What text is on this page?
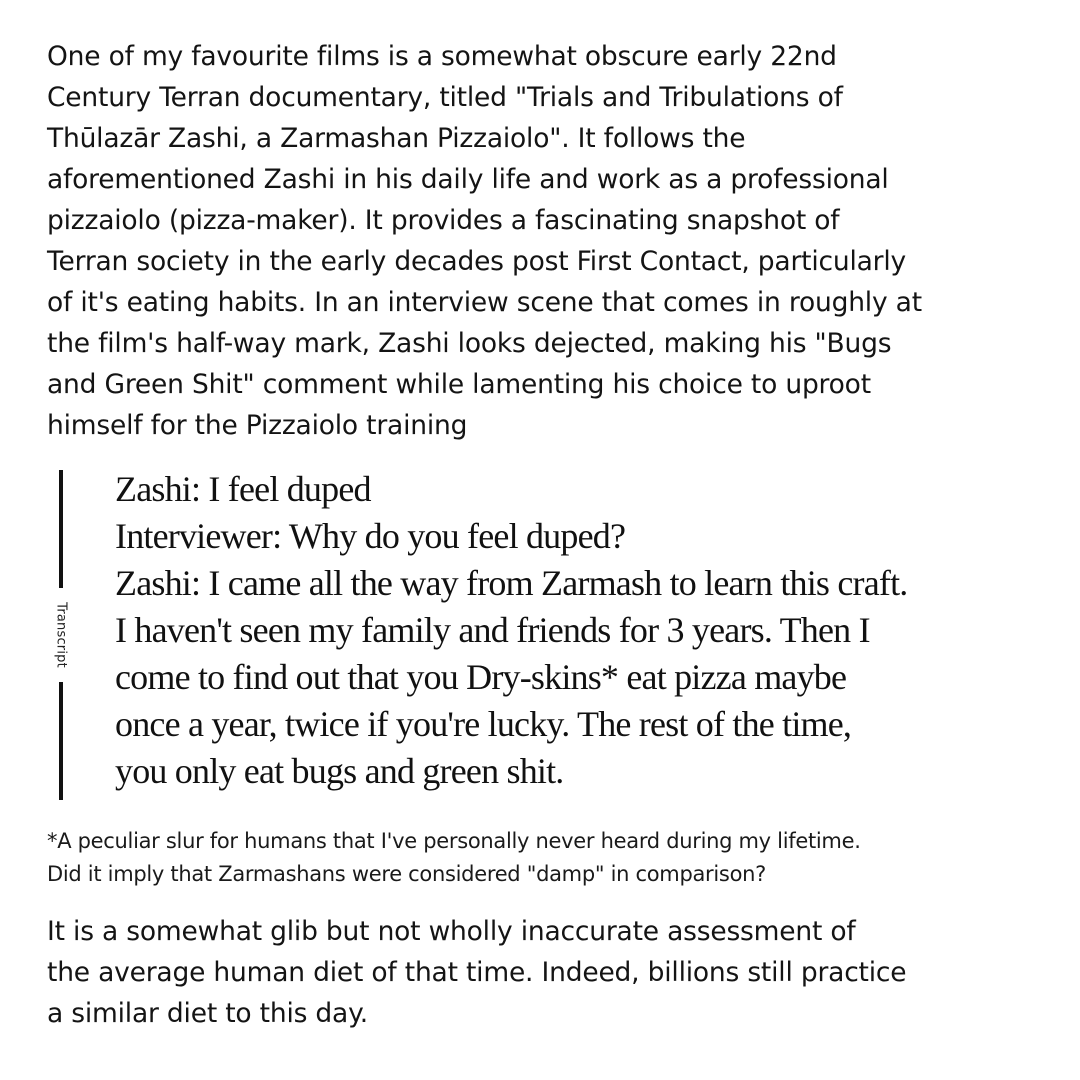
One of my favourite films is a somewhat obscure early 22nd
Century Terran documentary, titled "Trials and Tribulations of
Thūlazār Zashi, a Zarmashan Pizzaiolo". It follows the
aforementioned Zashi in his daily life and work as a professional
pizzaiolo (pizza-maker). It provides a fascinating snapshot of
Terran society in the early decades post First Contact, particularly
of it's eating habits. In an interview scene that comes in roughly at
the film's half-way mark, Zashi looks dejected, making his "Bugs
and Green Shit" comment while lamenting his choice to uproot
himself for the Pizzaiolo training

Transcript
Zashi: I feel duped
Interviewer: Why do you feel duped?
Zashi: I came all the way from Zarmash to learn this craft.
I haven't seen my family and friends for 3 years. Then I
come to find out that you Dry-skins* eat pizza maybe
once a year, twice if you're lucky. The rest of the time,
you only eat bugs and green shit.

*A peculiar slur for humans that I've personally never heard during my lifetime.
Did it imply that Zarmashans were considered "damp" in comparison?

It is a somewhat glib but not wholly inaccurate assessment of
the average human diet of that time. Indeed, billions still practice
a similar diet to this day.
